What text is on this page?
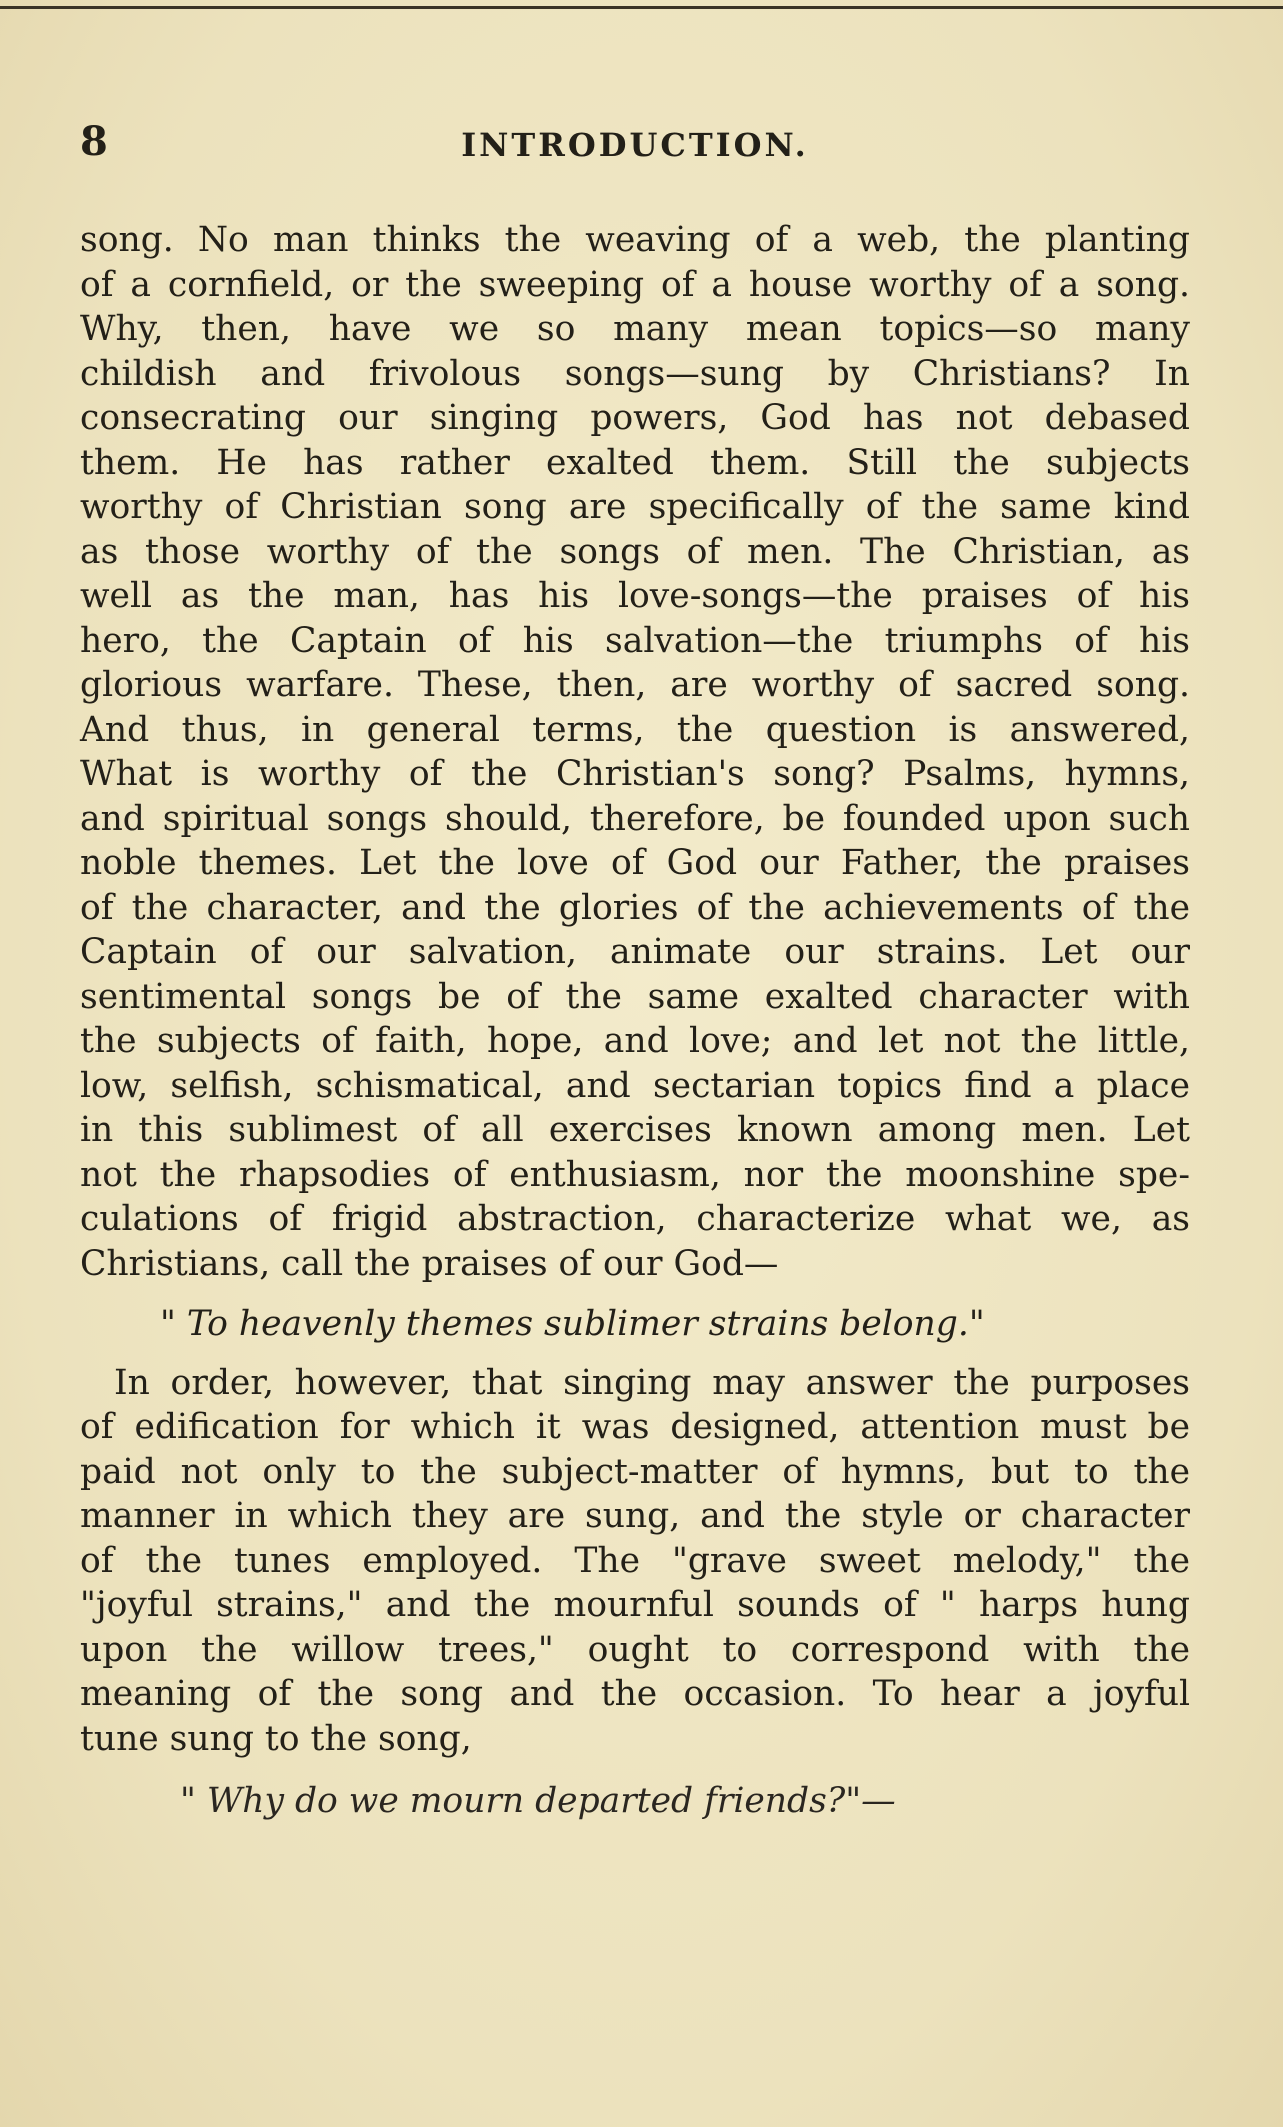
8	INTRODUCTION.
song. No man thinks the weaving of a web, the planting
of a cornfield, or the sweeping of a house worthy of a song.
Why, then, have we so many mean topics—so many
childish and frivolous songs—sung by Christians? In
consecrating our singing powers, God has not debased
them. He has rather exalted them. Still the subjects
worthy of Christian song are specifically of the same kind
as those worthy of the songs of men. The Christian, as
well as the man, has his love-songs—the praises of his
hero, the Captain of his salvation—the triumphs of his
glorious warfare. These, then, are worthy of sacred song.
And thus, in general terms, the question is answered,
What is worthy of the Christian's song? Psalms, hymns,
and spiritual songs should, therefore, be founded upon such
noble themes. Let the love of God our Father, the praises
of the character, and the glories of the achievements of the
Captain of our salvation, animate our strains. Let our
sentimental songs be of the same exalted character with
the subjects of faith, hope, and love; and let not the little,
low, selfish, schismatical, and sectarian topics find a place
in this sublimest of all exercises known among men. Let
not the rhapsodies of enthusiasm, nor the moonshine spe-
culations of frigid abstraction, characterize what we, as
Christians, call the praises of our God—
" To heavenly themes sublimer strains belong."
In order, however, that singing may answer the purposes
of edification for which it was designed, attention must be
paid not only to the subject-matter of hymns, but to the
manner in which they are sung, and the style or character
of the tunes employed. The "grave sweet melody," the
"joyful strains," and the mournful sounds of " harps hung
upon the willow trees," ought to correspond with the
meaning of the song and the occasion. To hear a joyful
tune sung to the song,
" Why do we mourn departed friends?"—
